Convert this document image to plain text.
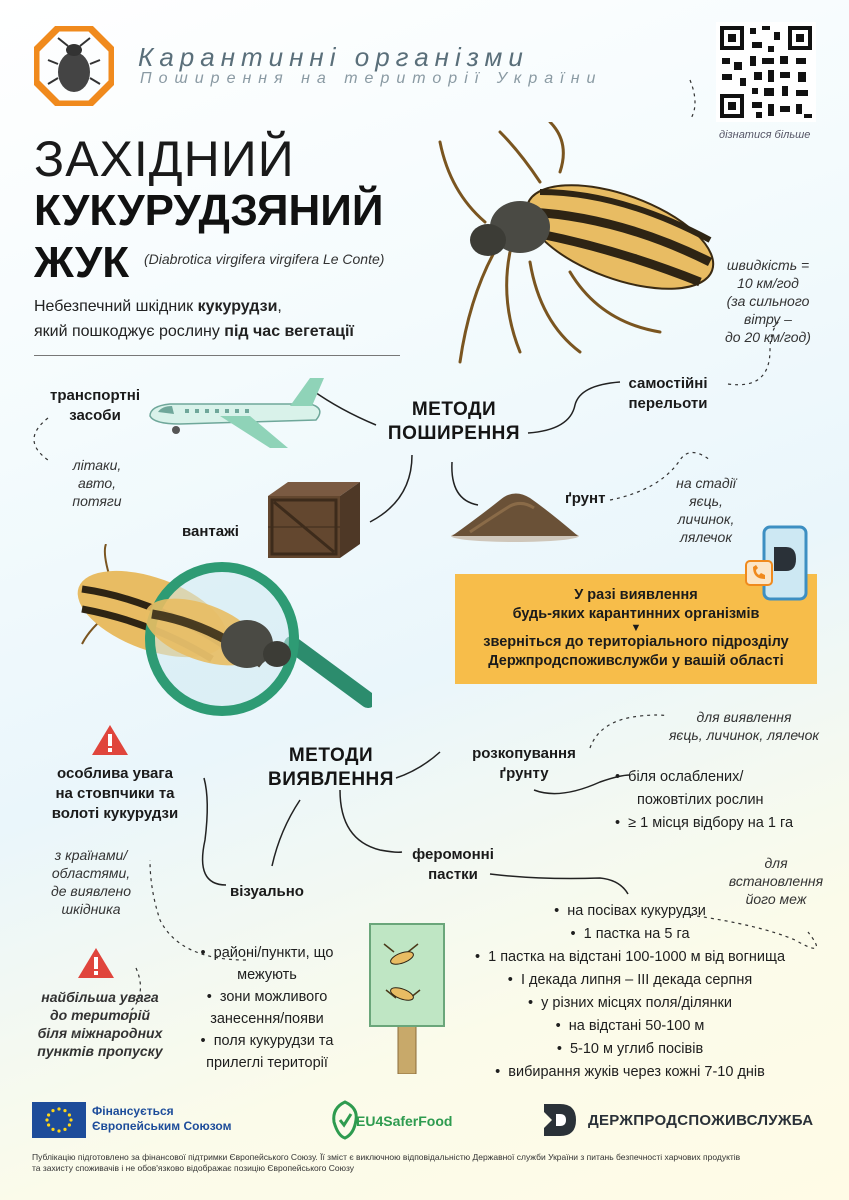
Карантинні організми
Поширення на території України
дізнатися більше
ЗАХІДНИЙ
КУКУРУДЗЯНИЙ
ЖУК (Diabrotica virgifera virgifera Le Conte)
Небезпечний шкідник кукурудзи,
який пошкоджує рослину під час вегетації
транспортні
засоби
літаки,
авто,
потяги
МЕТОДИ
ПОШИРЕННЯ
самостійні
перельоти
швидкість =
10 км/год
(за сильного
вітру –
до 20 км/год)
вантажі
ґрунт
на стадії
яєць,
личинок,
лялечок
У разі виявлення
будь-яких карантинних організмів
▼
зверніться до територіального підрозділу
Держпродспоживслужби у вашій області
особлива увага
на стовпчики та
волоті кукурудзи
МЕТОДИ
ВИЯВЛЕННЯ
розкопування
ґрунту
для виявлення
яєць, личинок, лялечок
•  біля ослаблених/
пожовтілих рослин
•  ≥ 1 місця відбору на 1 га
з країнами/
областями,
де виявлено
шкідника
візуально
феромонні
пастки
для
встановлення
його меж
найбільша увага
до територій
біля міжнародних
пунктів пропуску
•  районі/пункти, що
межують
•  зони можливого
занесення/появи
•  поля кукурудзи та
прилеглі території
•  на посівах кукурудзи
•  1 пастка на 5 га
•  1 пастка на відстані 100-1000 м від вогнища
•  I декада липня – III декада серпня
•  у різних місцях поля/ділянки
•  на відстані 50-100 м
•  5-10 м углиб посівів
•  вибирання жуків через кожні 7-10 днів
Фінансується
Європейським Союзом	EU4SaferFood	ДЕРЖПРОДСПОЖИВСЛУЖБА
Публікацію підготовлено за фінансової підтримки Європейського Союзу. Її зміст є виключною відповідальністю Державної служби України з питань безпечності харчових продуктів
та захисту споживачів і не обов'язково відображає позицію Європейського Союзу
